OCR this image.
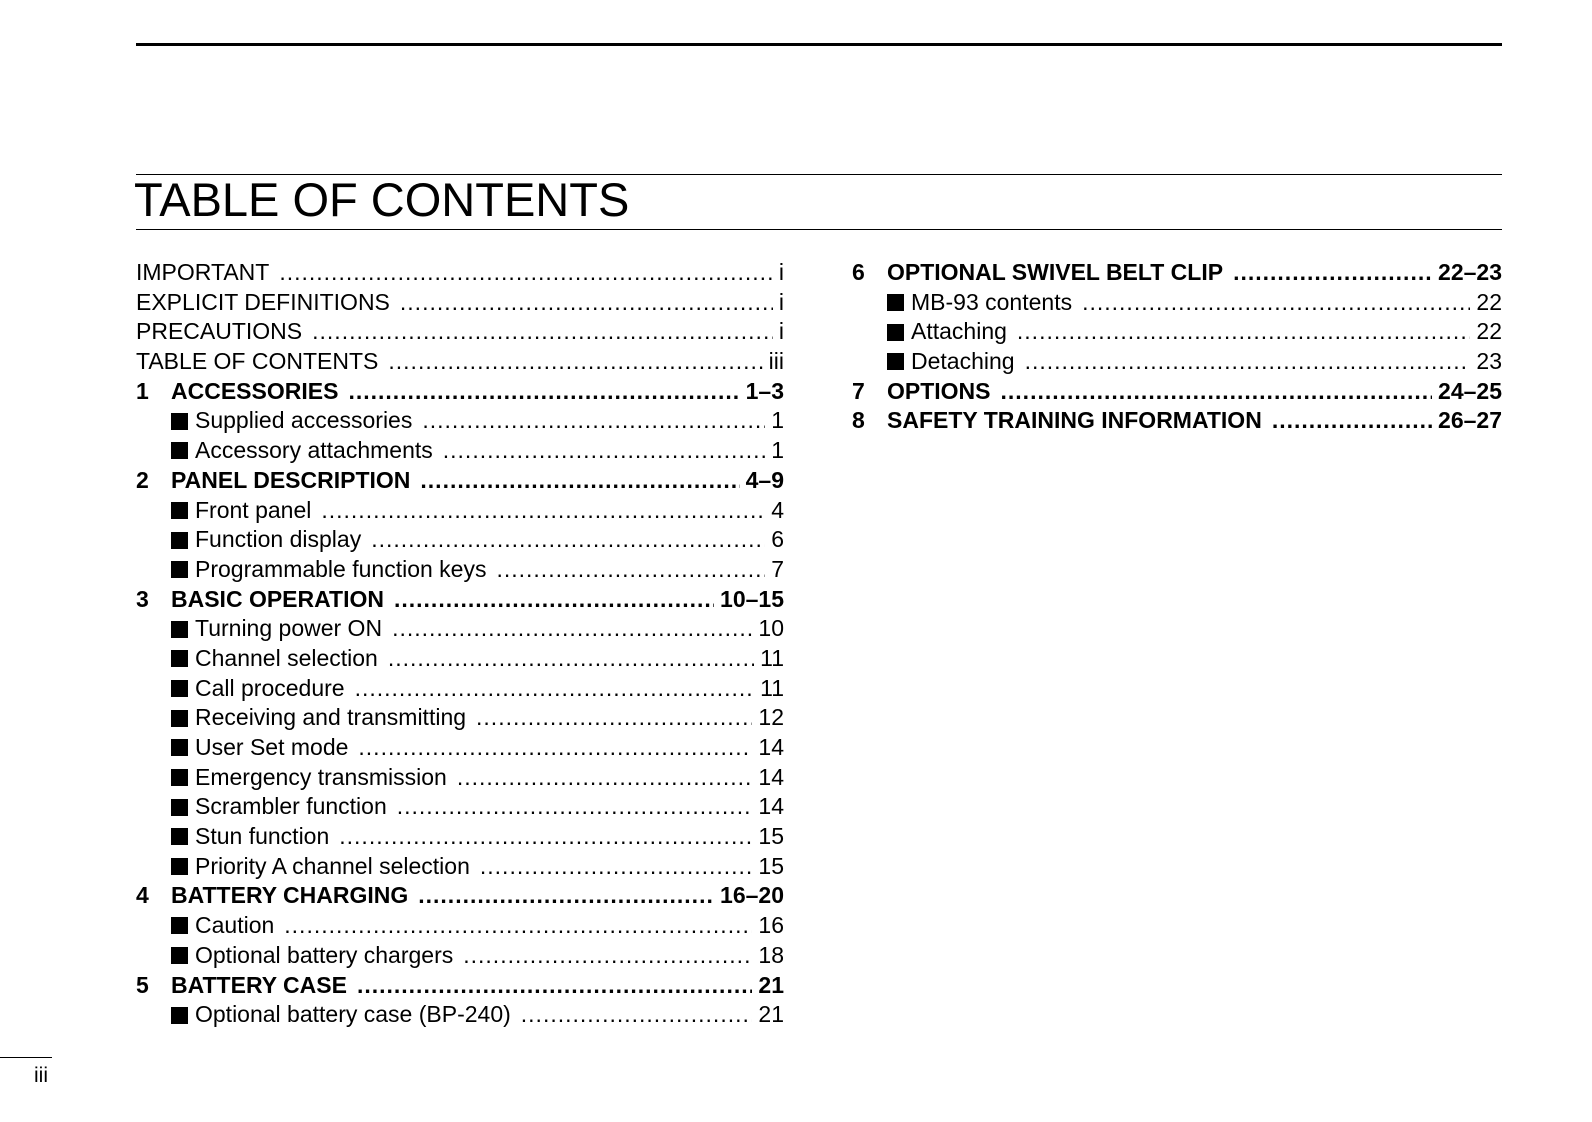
TABLE OF CONTENTS
IMPORTANT .....	i
EXPLICIT DEFINITIONS .....	i
PRECAUTIONS .....	i
TABLE OF CONTENTS .....	iii
1 ACCESSORIES .....	1–3
Supplied accessories .....	1
Accessory attachments .....	1
2 PANEL DESCRIPTION .....	4–9
Front panel .....	4
Function display .....	6
Programmable function keys .....	7
3 BASIC OPERATION .....	10–15
Turning power ON .....	10
Channel selection .....	11
Call procedure .....	11
Receiving and transmitting .....	12
User Set mode .....	14
Emergency transmission .....	14
Scrambler function .....	14
Stun function .....	15
Priority A channel selection .....	15
4 BATTERY CHARGING .....	16–20
Caution .....	16
Optional battery chargers .....	18
5 BATTERY CASE .....	21
Optional battery case (BP-240) .....	21
6 OPTIONAL SWIVEL BELT CLIP .....	22–23
MB-93 contents .....	22
Attaching .....	22
Detaching .....	23
7 OPTIONS .....	24–25
8 SAFETY TRAINING INFORMATION .....	26–27
iii
